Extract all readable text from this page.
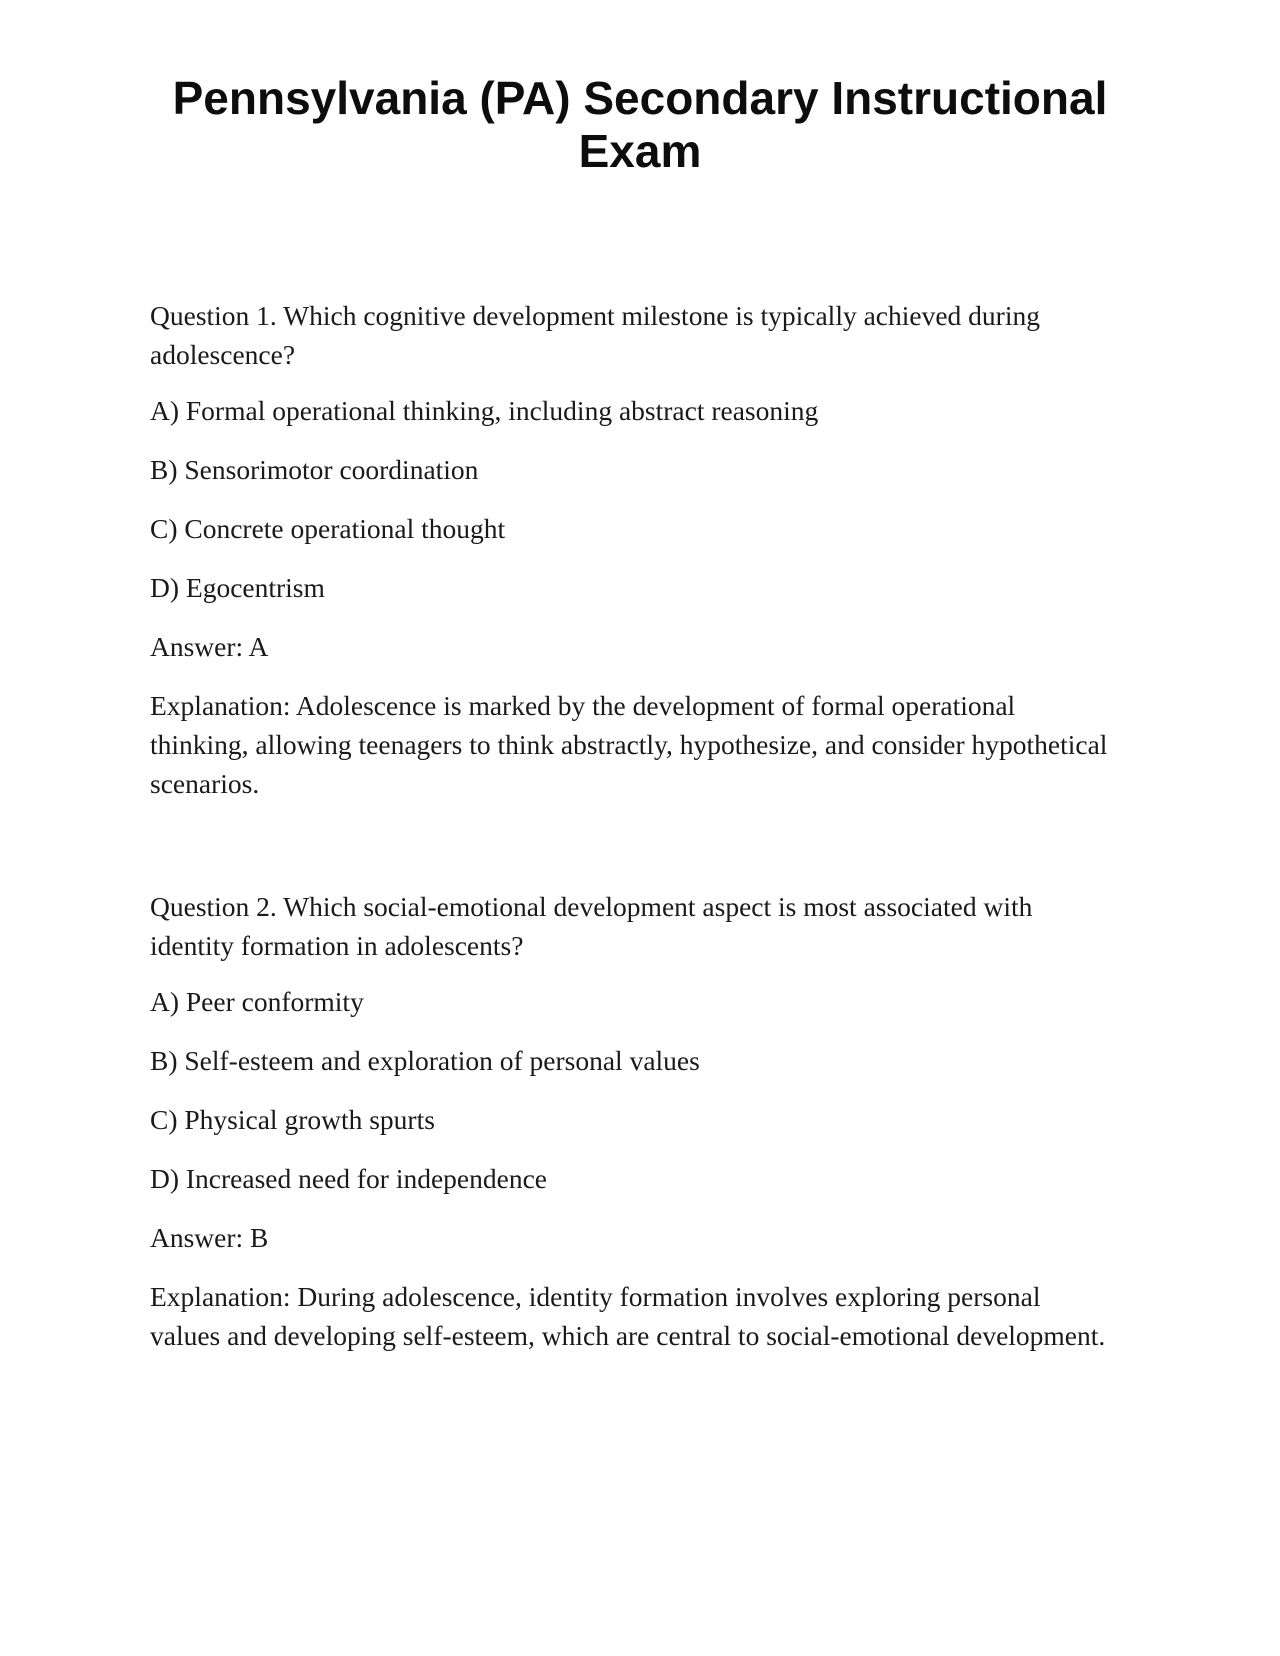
Pennsylvania (PA) Secondary Instructional
Exam

Question 1. Which cognitive development milestone is typically achieved during adolescence?

A) Formal operational thinking, including abstract reasoning

B) Sensorimotor coordination

C) Concrete operational thought

D) Egocentrism

Answer: A

Explanation: Adolescence is marked by the development of formal operational thinking, allowing teenagers to think abstractly, hypothesize, and consider hypothetical scenarios.

Question 2. Which social-emotional development aspect is most associated with identity formation in adolescents?

A) Peer conformity

B) Self-esteem and exploration of personal values

C) Physical growth spurts

D) Increased need for independence

Answer: B

Explanation: During adolescence, identity formation involves exploring personal values and developing self-esteem, which are central to social-emotional development.
